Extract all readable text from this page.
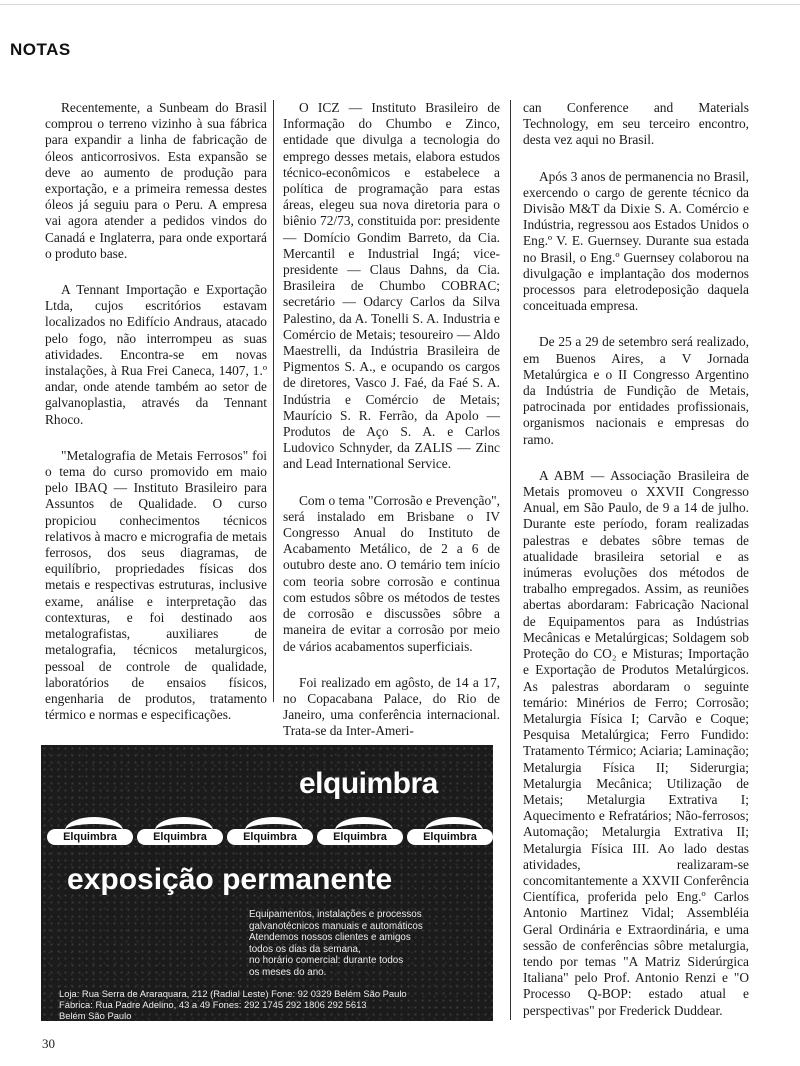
NOTAS

Recentemente, a Sunbeam do Brasil comprou o terreno vizinho à sua fábrica para expandir a linha de fabricação de óleos anticorrosivos. Esta expansão se deve ao aumento de produção para exportação, e a primeira remessa destes óleos já seguiu para o Peru. A empresa vai agora atender a pedidos vindos do Canadá e Inglaterra, para onde exportará o produto base.

A Tennant Importação e Exportação Ltda, cujos escritórios estavam localizados no Edifício Andraus, atacado pelo fogo, não interrompeu as suas atividades. Encontra-se em novas instalações, à Rua Frei Caneca, 1407, 1.º andar, onde atende também ao setor de galvanoplastia, através da Tennant Rhoco.

"Metalografia de Metais Ferrosos" foi o tema do curso promovido em maio pelo IBAQ — Instituto Brasileiro para Assuntos de Qualidade. O curso propiciou conhecimentos técnicos relativos à macro e micrografia de metais ferrosos, dos seus diagramas, de equilíbrio, propriedades físicas dos metais e respectivas estruturas, inclusive exame, análise e interpretação das contexturas, e foi destinado aos metalografistas, auxiliares de metalografia, técnicos metalurgicos, pessoal de controle de qualidade, laboratórios de ensaios físicos, engenharia de produtos, tratamento térmico e normas e especificações.

O ICZ — Instituto Brasileiro de Informação do Chumbo e Zinco, entidade que divulga a tecnologia do emprego desses metais, elabora estudos técnico-econômicos e estabelece a política de programação para estas áreas, elegeu sua nova diretoria para o biênio 72/73, constituida por: presidente — Domício Gondim Barreto, da Cia. Mercantil e Industrial Ingá; vice-presidente — Claus Dahns, da Cia. Brasileira de Chumbo COBRAC; secretário — Odarcy Carlos da Silva Palestino, da A. Tonelli S. A. Industria e Comércio de Metais; tesoureiro — Aldo Maestrelli, da Indústria Brasileira de Pigmentos S. A., e ocupando os cargos de diretores, Vasco J. Faé, da Faé S. A. Indústria e Comércio de Metais; Maurício S. R. Ferrão, da Apolo — Produtos de Aço S. A. e Carlos Ludovico Schnyder, da ZALIS — Zinc and Lead International Service.

Com o tema "Corrosão e Prevenção", será instalado em Brisbane o IV Congresso Anual do Instituto de Acabamento Metálico, de 2 a 6 de outubro deste ano. O temário tem início com teoria sobre corrosão e continua com estudos sôbre os métodos de testes de corrosão e discussões sôbre a maneira de evitar a corrosão por meio de vários acabamentos superficiais.

Foi realizado em agôsto, de 14 a 17, no Copacabana Palace, do Rio de Janeiro, uma conferência internacional. Trata-se da Inter-Ameri-

can Conference and Materials Technology, em seu terceiro encontro, desta vez aqui no Brasil.

Após 3 anos de permanencia no Brasil, exercendo o cargo de gerente técnico da Divisão M&T da Dixie S. A. Comércio e Indústria, regressou aos Estados Unidos o Eng.º V. E. Guernsey. Durante sua estada no Brasil, o Eng.º Guernsey colaborou na divulgação e implantação dos modernos processos para eletrodeposição daquela conceituada empresa.

De 25 a 29 de setembro será realizado, em Buenos Aires, a V Jornada Metalúrgica e o II Congresso Argentino da Indústria de Fundição de Metais, patrocinada por entidades profissionais, organismos nacionais e empresas do ramo.

A ABM — Associação Brasileira de Metais promoveu o XXVII Congresso Anual, em São Paulo, de 9 a 14 de julho. Durante este período, foram realizadas palestras e debates sôbre temas de atualidade brasileira setorial e as inúmeras evoluções dos métodos de trabalho empregados. Assim, as reuniões abertas abordaram: Fabricação Nacional de Equipamentos para as Indústrias Mecânicas e Metalúrgicas; Soldagem sob Proteção do CO₂ e Misturas; Importação e Exportação de Produtos Metalúrgicos. As palestras abordaram o seguinte temário: Minérios de Ferro; Corrosão; Metalurgia Física I; Carvão e Coque; Pesquisa Metalúrgica; Ferro Fundido: Tratamento Térmico; Aciaria; Laminação; Metalurgia Física II; Siderurgia; Metalurgia Mecânica; Utilização de Metais; Metalurgia Extrativa I; Aquecimento e Refratários; Não-ferrosos; Automação; Metalurgia Extrativa II; Metalurgia Física III. Ao lado destas atividades, realizaram-se concomitantemente a XXVII Conferência Científica, proferida pelo Eng.º Carlos Antonio Martinez Vidal; Assembléia Geral Ordinária e Extraordinária, e uma sessão de conferências sôbre metalurgia, tendo por temas "A Matriz Siderúrgica Italiana" pelo Prof. Antonio Renzi e "O Processo Q-BOP: estado atual e perspectivas" por Frederick Duddear.

elquimbra
Elquimbra	Elquimbra	Elquimbra	Elquimbra	Elquimbra
exposição permanente
Equipamentos, instalações e processos
galvanotécnicos manuais e automáticos
Atendemos nossos clientes e amigos
todos os dias da semana,
no horário comercial: durante todos
os meses do ano.
Loja: Rua Serra de Araraquara, 212 (Radial Leste) Fone: 92 0329 Belém São Paulo
Fábrica: Rua Padre Adelino, 43 a 49 Fones: 292 1745 292 1806 292 5613
Belém São Paulo
30
